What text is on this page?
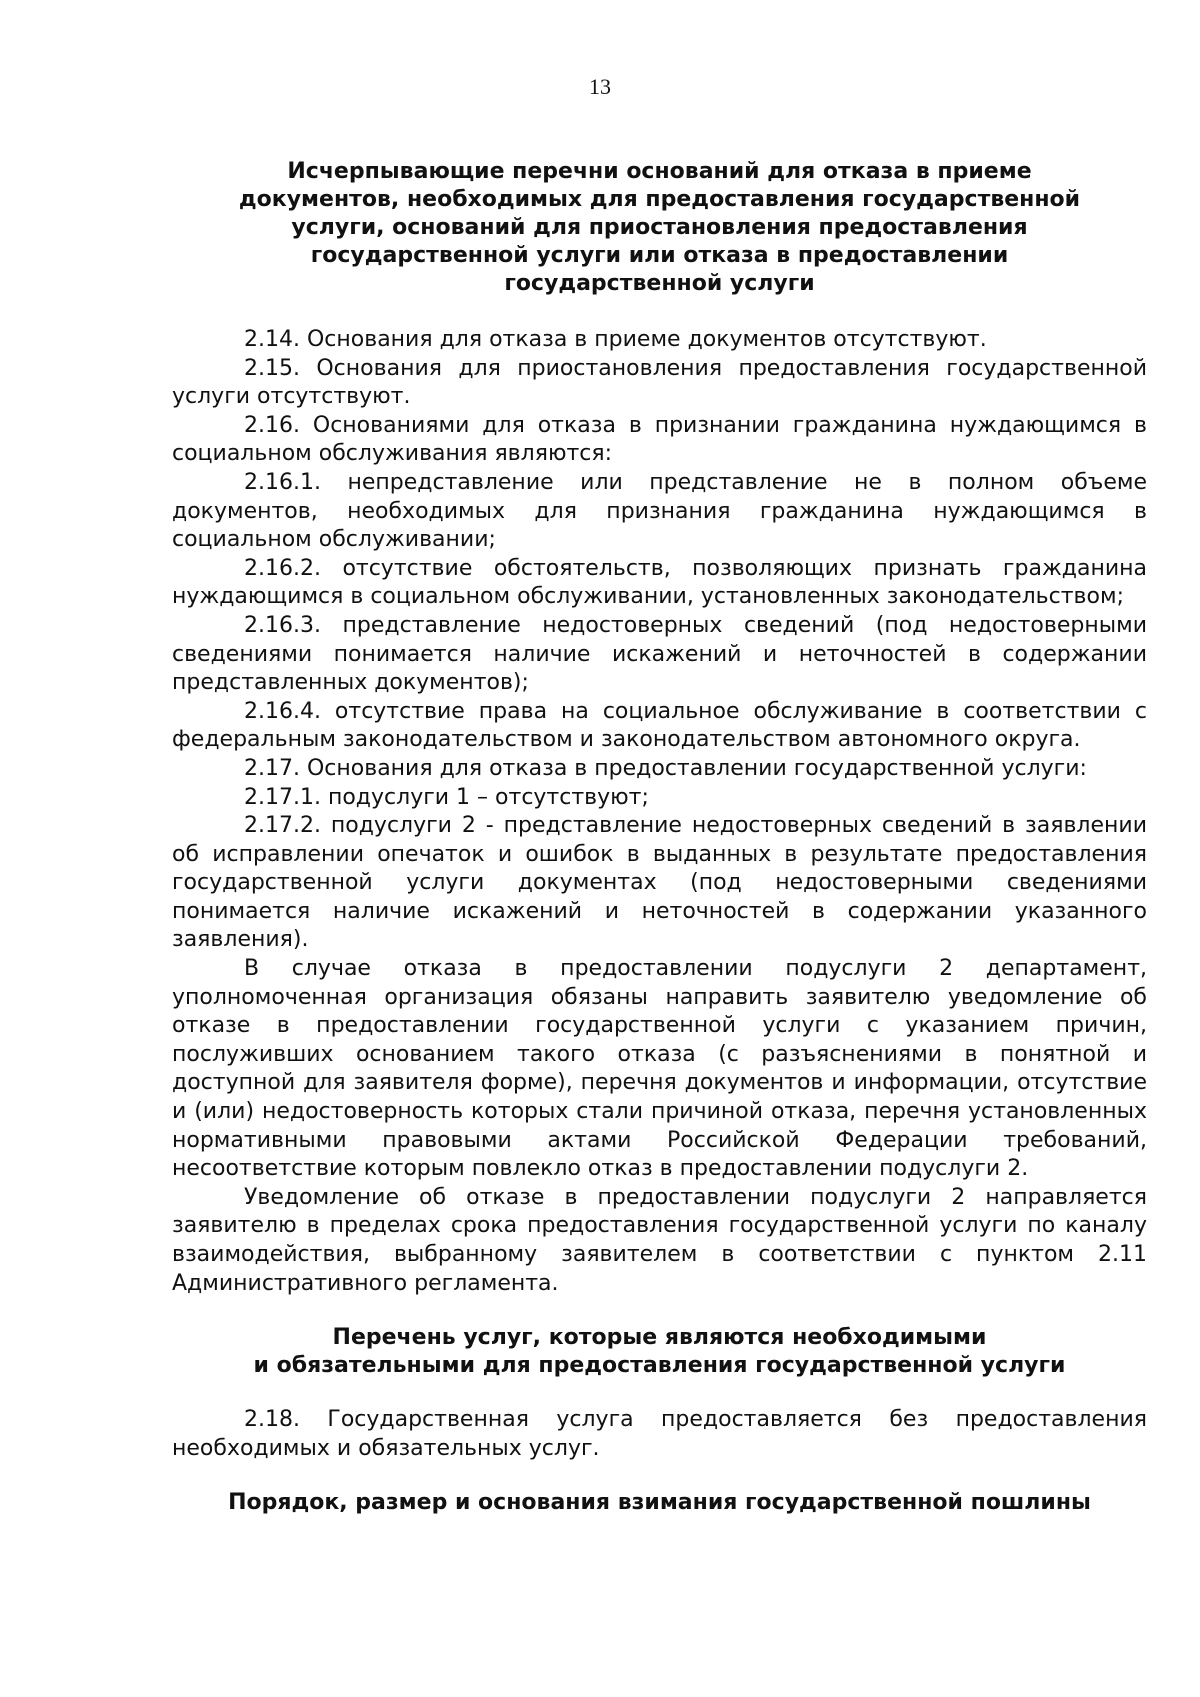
13
Исчерпывающие перечни оснований для отказа в приеме
документов, необходимых для предоставления государственной
услуги, оснований для приостановления предоставления
государственной услуги или отказа в предоставлении
государственной услуги

2.14. Основания для отказа в приеме документов отсутствуют.

2.15. Основания для приостановления предоставления государственной услуги отсутствуют.

2.16. Основаниями для отказа в признании гражданина нуждающимся в социальном обслуживания являются:

2.16.1. непредставление или представление не в полном объеме документов, необходимых для признания гражданина нуждающимся в социальном обслуживании;

2.16.2. отсутствие обстоятельств, позволяющих признать гражданина нуждающимся в социальном обслуживании, установленных законодательством;

2.16.3. представление недостоверных сведений (под недостоверными сведениями понимается наличие искажений и неточностей в содержании представленных документов);

2.16.4. отсутствие права на социальное обслуживание в соответствии с федеральным законодательством и законодательством автономного округа.

2.17. Основания для отказа в предоставлении государственной услуги:

2.17.1. подуслуги 1 – отсутствуют;

2.17.2. подуслуги 2 - представление недостоверных сведений в заявлении об исправлении опечаток и ошибок в выданных в результате предоставления государственной услуги документах (под недостоверными сведениями понимается наличие искажений и неточностей в содержании указанного заявления).

В случае отказа в предоставлении подуслуги 2 департамент, уполномоченная организация обязаны направить заявителю уведомление об отказе в предоставлении государственной услуги с указанием причин, послуживших основанием такого отказа (с разъяснениями в понятной и доступной для заявителя форме), перечня документов и информации, отсутствие и (или) недостоверность которых стали причиной отказа, перечня установленных нормативными правовыми актами Российской Федерации требований, несоответствие которым повлекло отказ в предоставлении подуслуги 2.

Уведомление об отказе в предоставлении подуслуги 2 направляется заявителю в пределах срока предоставления государственной услуги по каналу взаимодействия, выбранному заявителем в соответствии с пунктом 2.11 Административного регламента.

Перечень услуг, которые являются необходимыми
и обязательными для предоставления государственной услуги

2.18. Государственная услуга предоставляется без предоставления необходимых и обязательных услуг.

Порядок, размер и основания взимания государственной пошлины
